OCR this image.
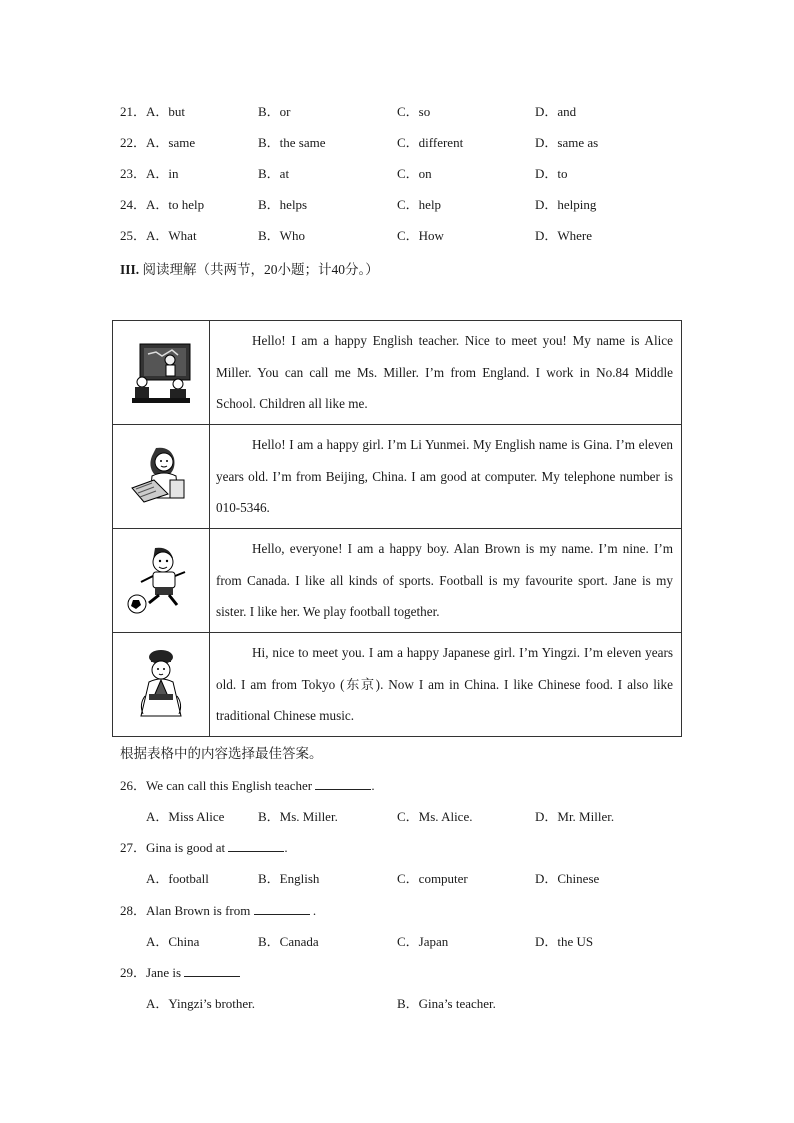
21．A．but	B．or	C．so	D．and
22．A．same	B．the same	C．different	D．same as
23．A．in	B．at	C．on	D．to
24．A．to help	B．helps	C．help	D．helping
25．A．What	B．Who	C．How	D．Where
III. 阅读理解（共两节，20小题；计40分。）
	Hello! I am a happy English teacher. Nice to meet you! My name is Alice Miller. You can call me Ms. Miller. I’m from England. I work in No.84 Middle School. Children all like me.

	Hello! I am a happy girl. I’m Li Yunmei. My English name is Gina. I’m eleven years old. I’m from Beijing, China. I am good at computer. My telephone number is 010-5346.

	Hello, everyone! I am a happy boy. Alan Brown is my name. I’m nine. I’m from Canada. I like all kinds of sports. Football is my favourite sport. Jane is my sister. I like her. We play football together.

	Hi, nice to meet you. I am a happy Japanese girl. I’m Yingzi. I’m eleven years old. I am from Tokyo (东京). Now I am in China. I like Chinese food. I also like traditional Chinese music.
根据表格中的内容选择最佳答案。
26．We can call this English teacher	.
A．Miss Alice	B．Ms. Miller.	C．Ms. Alice.	D．Mr. Miller.
27．Gina is good at	.
A．football	B．English	C．computer	D．Chinese
28．Alan Brown is from	.
A．China	B．Canada	C．Japan	D．the US
29．Jane is
A．Yingzi’s brother.	B．Gina’s teacher.
